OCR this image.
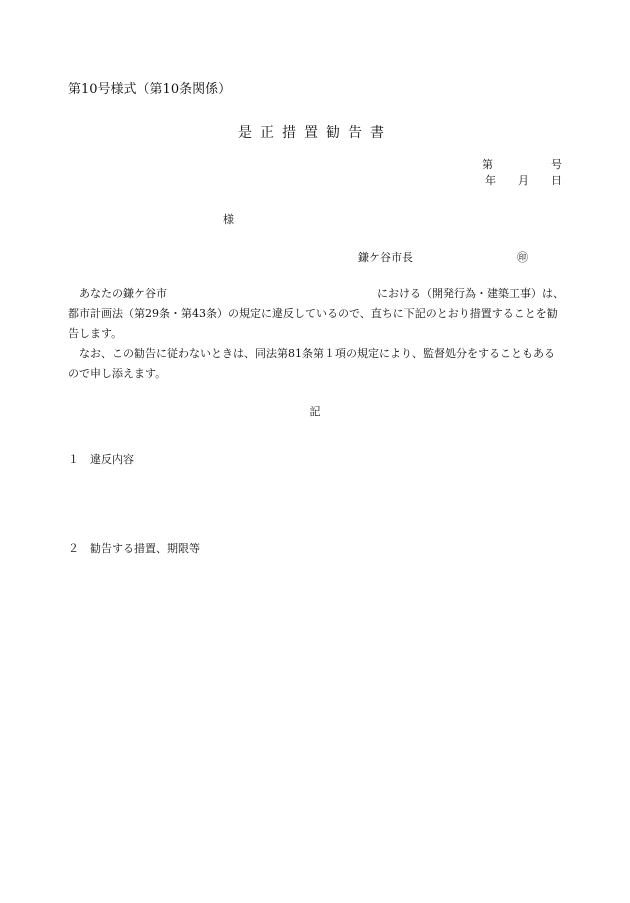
第10号様式（第10条関係）
是正措置勧告書
第	号
年 月 日
様
鎌ケ谷市長	㊞
あなたの鎌ケ谷市	における（開発行為・建築工事）は、

都市計画法（第29条・第43条）の規定に違反しているので、直ちに下記のとおり措置することを勧

告します。

なお、この勧告に従わないときは、同法第81条第１項の規定により、監督処分をすることもある

ので申し添えます。

記
１ 違反内容
２ 勧告する措置、期限等
